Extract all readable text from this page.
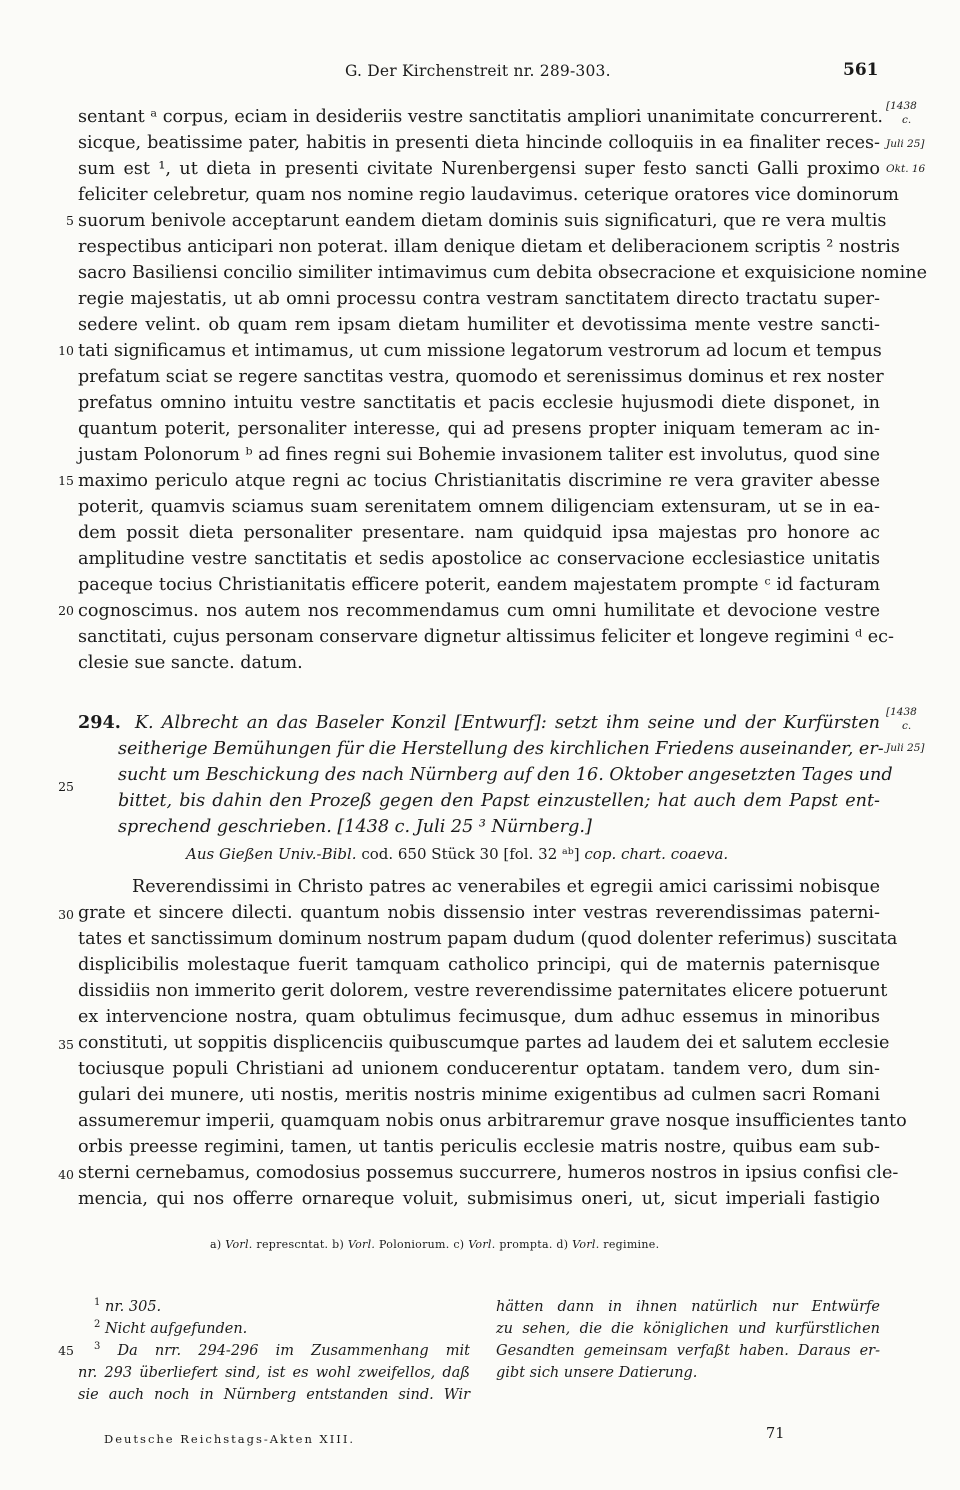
G. Der Kirchenstreit nr. 289-303.	561
sentant ᵃ corpus, eciam in desideriis vestre sanctitatis ampliori unanimitate concurrerent.
sicque, beatissime pater, habitis in presenti dieta hincinde colloquiis in ea finaliter reces-
sum est ¹, ut dieta in presenti civitate Nurenbergensi super festo sancti Galli proximo
feliciter celebretur, quam nos nomine regio laudavimus. ceterique oratores vice dominorum
suorum benivole acceptarunt eandem dietam dominis suis significaturi, que re vera multis
respectibus anticipari non poterat. illam denique dietam et deliberacionem scriptis ² nostris
sacro Basiliensi concilio similiter intimavimus cum debita obsecracione et exquisicione nomine
regie majestatis, ut ab omni processu contra vestram sanctitatem directo tractatu super-
sedere velint. ob quam rem ipsam dietam humiliter et devotissima mente vestre sancti-
tati significamus et intimamus, ut cum missione legatorum vestrorum ad locum et tempus
prefatum sciat se regere sanctitas vestra, quomodo et serenissimus dominus et rex noster
prefatus omnino intuitu vestre sanctitatis et pacis ecclesie hujusmodi diete disponet, in
quantum poterit, personaliter interesse, qui ad presens propter iniquam temeram ac in-
justam Polonorum ᵇ ad fines regni sui Bohemie invasionem taliter est involutus, quod sine
maximo periculo atque regni ac tocius Christianitatis discrimine re vera graviter abesse
poterit, quamvis sciamus suam serenitatem omnem diligenciam extensuram, ut se in ea-
dem possit dieta personaliter presentare. nam quidquid ipsa majestas pro honore ac
amplitudine vestre sanctitatis et sedis apostolice ac conservacione ecclesiastice unitatis
paceque tocius Christianitatis efficere poterit, eandem majestatem prompte ᶜ id facturam
cognoscimus. nos autem nos recommendamus cum omni humilitate et devocione vestre
sanctitati, cujus personam conservare dignetur altissimus feliciter et longeve regimini ᵈ ec-
clesie sue sancte. datum.
5
10
15
20
25
30
35
40
[1438
c.
Juli 25]
Okt. 16
[1438
c.
Juli 25]
294. K. Albrecht an das Baseler Konzil [Entwurf]: setzt ihm seine und der Kurfürsten
seitherige Bemühungen für die Herstellung des kirchlichen Friedens auseinander, er-
sucht um Beschickung des nach Nürnberg auf den 16. Oktober angesetzten Tages und
bittet, bis dahin den Prozeß gegen den Papst einzustellen; hat auch dem Papst ent-
sprechend geschrieben. [1438 c. Juli 25 ³ Nürnberg.]
Aus Gießen Univ.-Bibl. cod. 650 Stück 30 [fol. 32 ᵃᵇ] cop. chart. coaeva.
Reverendissimi in Christo patres ac venerabiles et egregii amici carissimi nobisque
grate et sincere dilecti. quantum nobis dissensio inter vestras reverendissimas paterni-
tates et sanctissimum dominum nostrum papam dudum (quod dolenter referimus) suscitata
displicibilis molestaque fuerit tamquam catholico principi, qui de maternis paternisque
dissidiis non immerito gerit dolorem, vestre reverendissime paternitates elicere potuerunt
ex intervencione nostra, quam obtulimus fecimusque, dum adhuc essemus in minoribus
constituti, ut soppitis displicenciis quibuscumque partes ad laudem dei et salutem ecclesie
tociusque populi Christiani ad unionem conducerentur optatam. tandem vero, dum sin-
gulari dei munere, uti nostis, meritis nostris minime exigentibus ad culmen sacri Romani
assumeremur imperii, quamquam nobis onus arbitraremur grave nosque insufficientes tanto
orbis preesse regimini, tamen, ut tantis periculis ecclesie matris nostre, quibus eam sub-
sterni cernebamus, comodosius possemus succurrere, humeros nostros in ipsius confisi cle-
mencia, qui nos offerre ornareque voluit, submisimus oneri, ut, sicut imperiali fastigio
a) Vorl. represcntat. b) Vorl. Poloniorum. c) Vorl. prompta. d) Vorl. regimine.
$^1$ nr. 305.
$^2$ Nicht aufgefunden.
$^3$ Da nrr. 294-296 im Zusammenhang mit
nr. 293 überliefert sind, ist es wohl zweifellos, daß
sie auch noch in Nürnberg entstanden sind. Wir
hätten dann in ihnen natürlich nur Entwürfe
zu sehen, die die königlichen und kurfürstlichen
Gesandten gemeinsam verfaßt haben. Daraus er-
gibt sich unsere Datierung.
45
Deutsche Reichstags-Akten XIII.	71
